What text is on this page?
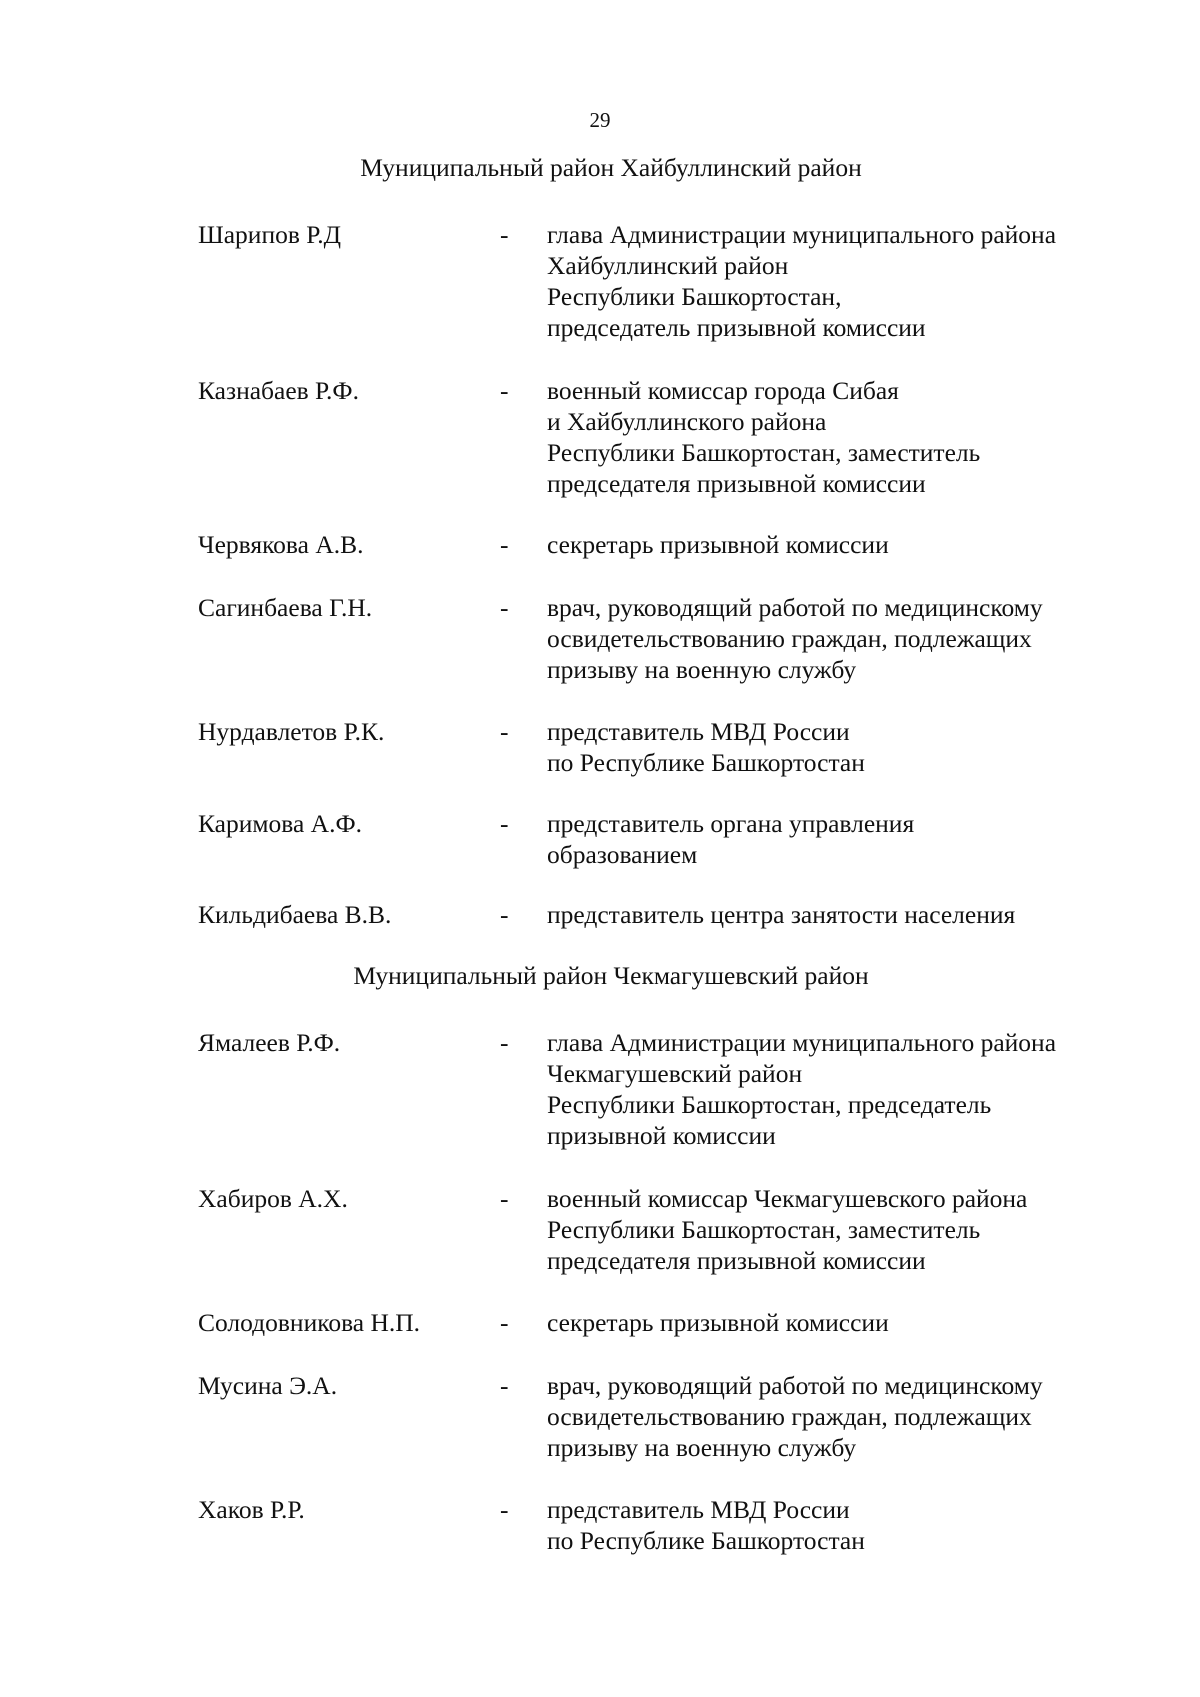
29
Муниципальный район Хайбуллинский район
Шарипов Р.Д	- глава Администрации муниципального района
Хайбуллинский район
Республики Башкортостан,
председатель призывной комиссии
Казнабаев Р.Ф.	- военный комиссар города Сибая
и Хайбуллинского района
Республики Башкортостан, заместитель
председателя призывной комиссии
Червякова А.В.	- секретарь призывной комиссии
Сагинбаева Г.Н.	- врач, руководящий работой по медицинскому
освидетельствованию граждан, подлежащих
призыву на военную службу
Нурдавлетов Р.К.	- представитель МВД России
по Республике Башкортостан
Каримова А.Ф.	- представитель органа управления
образованием
Кильдибаева В.В.	- представитель центра занятости населения
Муниципальный район Чекмагушевский район
Ямалеев Р.Ф.	- глава Администрации муниципального района
Чекмагушевский район
Республики Башкортостан, председатель
призывной комиссии
Хабиров А.Х.	- военный комиссар Чекмагушевского района
Республики Башкортостан, заместитель
председателя призывной комиссии
Солодовникова Н.П.	- секретарь призывной комиссии
Мусина Э.А.	- врач, руководящий работой по медицинскому
освидетельствованию граждан, подлежащих
призыву на военную службу
Хаков Р.Р.	- представитель МВД России
по Республике Башкортостан
